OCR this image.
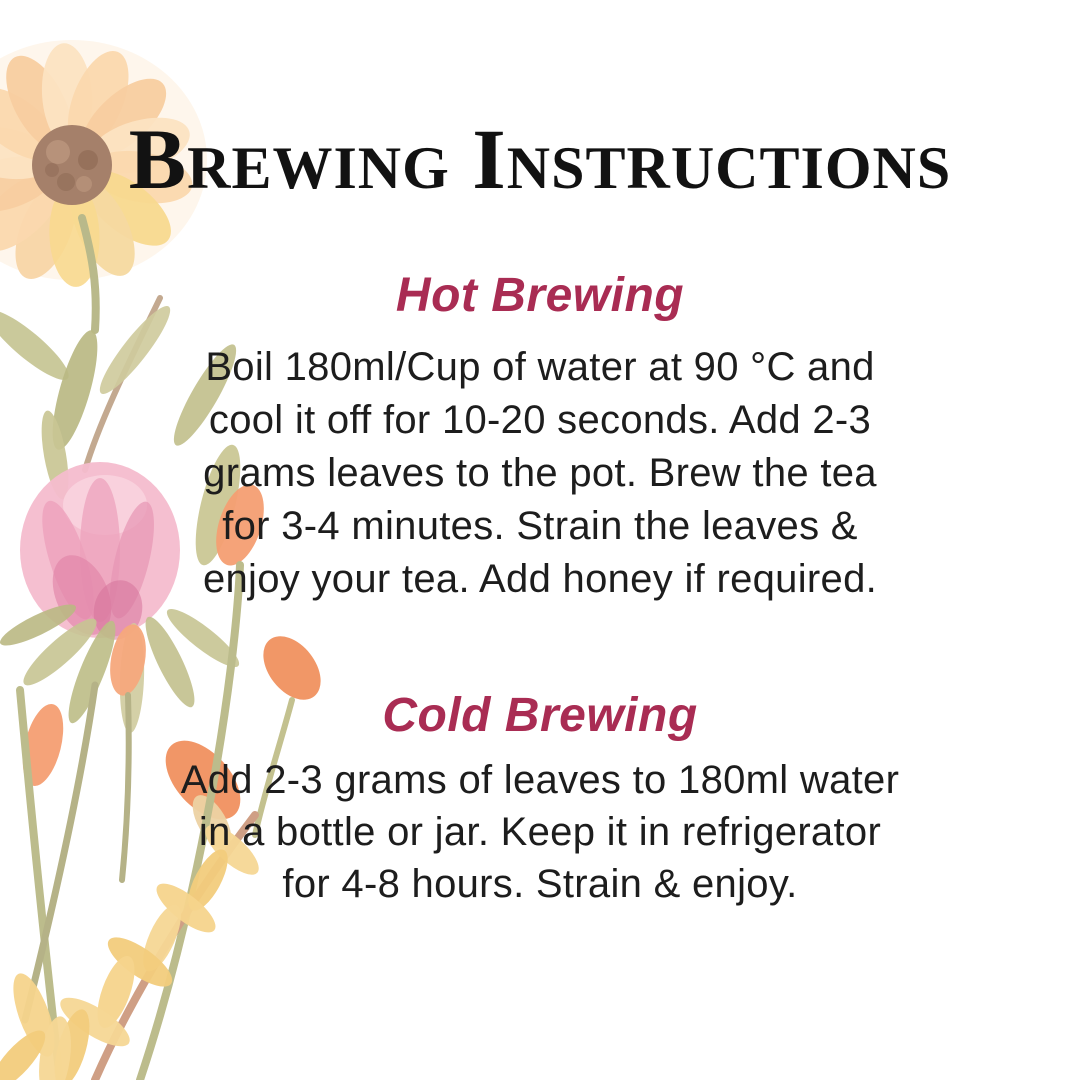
Brewing Instructions
Hot Brewing

Boil 180ml/Cup of water at 90 °C and
cool it off for 10-20 seconds. Add 2-3
grams leaves to the pot. Brew the tea
for 3-4 minutes. Strain the leaves &
enjoy your tea. Add honey if required.

Cold Brewing

Add 2-3 grams of leaves to 180ml water
in a bottle or jar. Keep it in refrigerator
for 4-8 hours. Strain & enjoy.
